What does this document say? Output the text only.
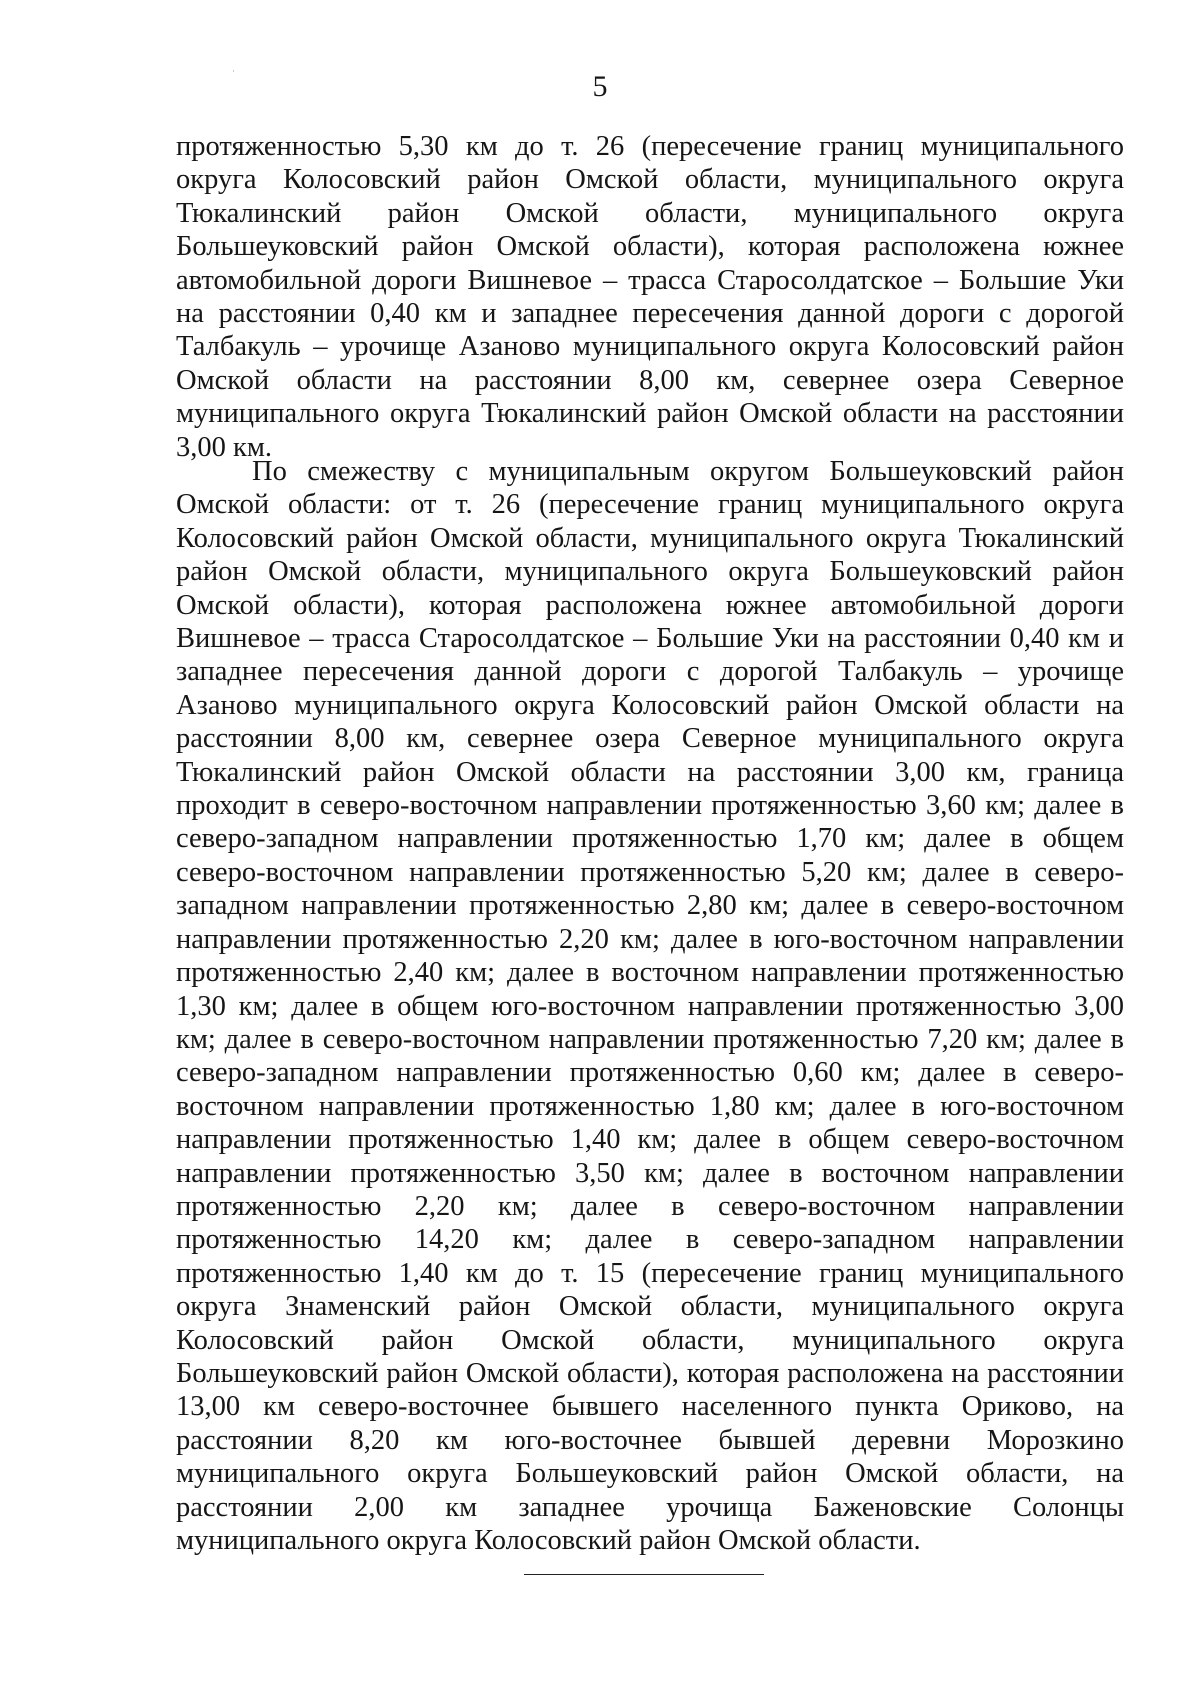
5

протяженностью 5,30 км до т. 26 (пересечение границ муниципального округа Колосовский район Омской области, муниципального округа Тюкалинский район Омской области, муниципального округа Большеуковский район Омской области), которая расположена южнее автомобильной дороги Вишневое – трасса Старосолдатское – Большие Уки на расстоянии 0,40 км и западнее пересечения данной дороги с дорогой Талбакуль – урочище Азаново муниципального округа Колосовский район Омской области на расстоянии 8,00 км, севернее озера Северное муниципального округа Тюкалинский район Омской области на расстоянии 3,00 км.

По смежеству с муниципальным округом Большеуковский район Омской области: от т. 26 (пересечение границ муниципального округа Колосовский район Омской области, муниципального округа Тюкалинский район Омской области, муниципального округа Большеуковский район Омской области), которая расположена южнее автомобильной дороги Вишневое – трасса Старосолдатское – Большие Уки на расстоянии 0,40 км и западнее пересечения данной дороги с дорогой Талбакуль – урочище Азаново муниципального округа Колосовский район Омской области на расстоянии 8,00 км, севернее озера Северное муниципального округа Тюкалинский район Омской области на расстоянии 3,00 км, граница проходит в северо-восточном направлении протяженностью 3,60 км; далее в северо-западном направлении протяженностью 1,70 км; далее в общем северо-восточном направлении протяженностью 5,20 км; далее в северо-западном направлении протяженностью 2,80 км; далее в северо-восточном направлении протяженностью 2,20 км; далее в юго-восточном направлении протяженностью 2,40 км; далее в восточном направлении протяженностью 1,30 км; далее в общем юго-восточном направлении протяженностью 3,00 км; далее в северо-восточном направлении протяженностью 7,20 км; далее в северо-западном направлении протяженностью 0,60 км; далее в северо-восточном направлении протяженностью 1,80 км; далее в юго-восточном направлении протяженностью 1,40 км; далее в общем северо-восточном направлении протяженностью 3,50 км; далее в восточном направлении протяженностью 2,20 км; далее в северо-восточном направлении протяженностью 14,20 км; далее в северо-западном направлении протяженностью 1,40 км до т. 15 (пересечение границ муниципального округа Знаменский район Омской области, муниципального округа Колосовский район Омской области, муниципального округа Большеуковский район Омской области), которая расположена на расстоянии 13,00 км северо-восточнее бывшего населенного пункта Ориково, на расстоянии 8,20 км юго-восточнее бывшей деревни Морозкино муниципального округа Большеуковский район Омской области, на расстоянии 2,00 км западнее урочища Баженовские Солонцы муниципального округа Колосовский район Омской области.
